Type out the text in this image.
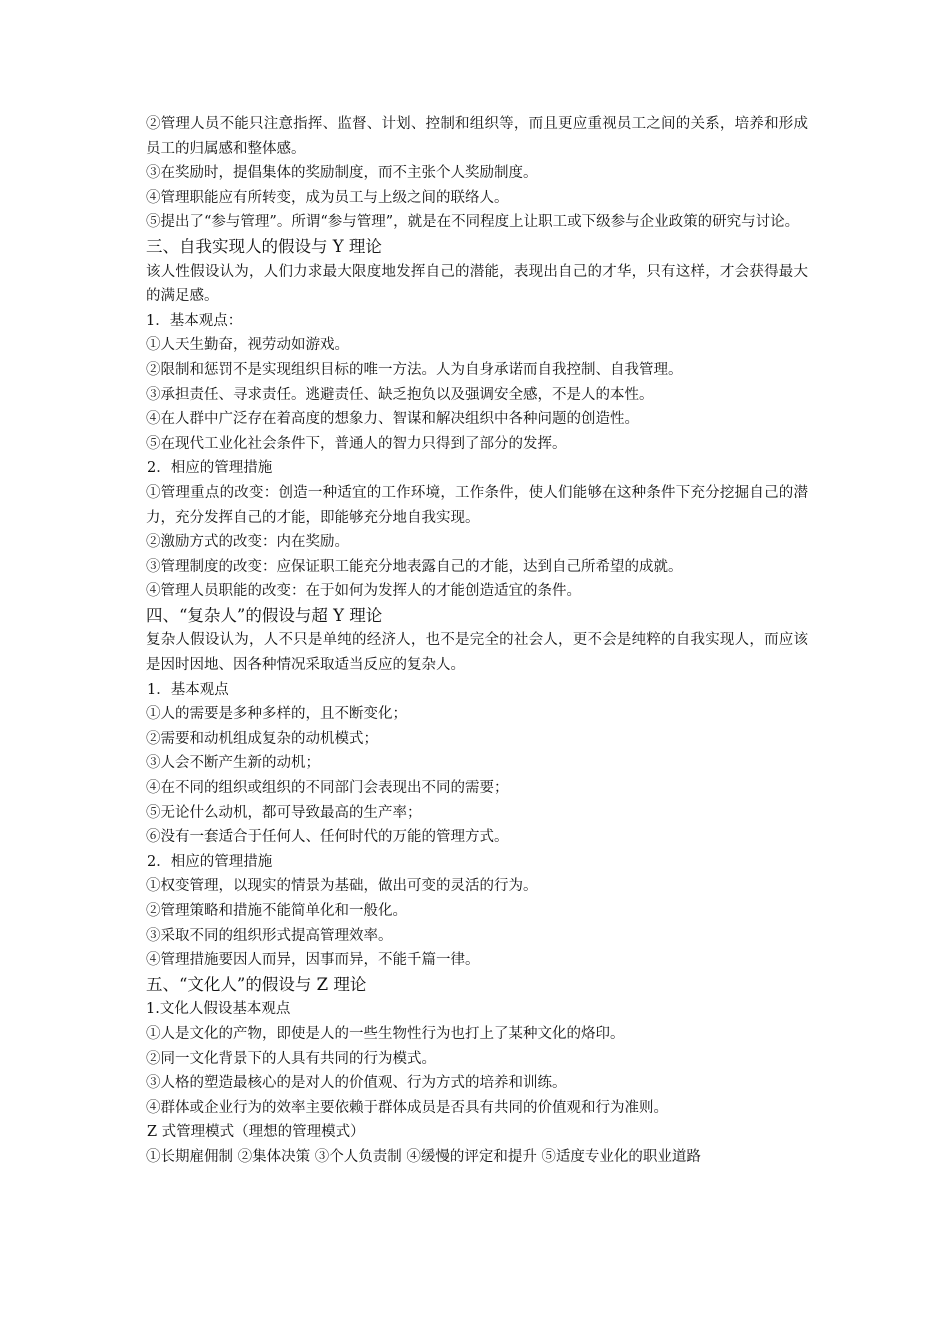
②管理人员不能只注意指挥、监督、计划、控制和组织等，而且更应重视员工之间的关系，培养和形成员工的归属感和整体感。

③在奖励时，提倡集体的奖励制度，而不主张个人奖励制度。

④管理职能应有所转变，成为员工与上级之间的联络人。

⑤提出了“参与管理”。所谓“参与管理”，就是在不同程度上让职工或下级参与企业政策的研究与讨论。

三、自我实现人的假设与 Y 理论

该人性假设认为，人们力求最大限度地发挥自己的潜能，表现出自己的才华，只有这样，才会获得最大的满足感。

1．基本观点：

①人天生勤奋，视劳动如游戏。

②限制和惩罚不是实现组织目标的唯一方法。人为自身承诺而自我控制、自我管理。

③承担责任、寻求责任。逃避责任、缺乏抱负以及强调安全感，不是人的本性。

④在人群中广泛存在着高度的想象力、智谋和解决组织中各种问题的创造性。

⑤在现代工业化社会条件下，普通人的智力只得到了部分的发挥。

2．相应的管理措施

①管理重点的改变：创造一种适宜的工作环境，工作条件，使人们能够在这种条件下充分挖掘自己的潜力，充分发挥自己的才能，即能够充分地自我实现。

②激励方式的改变：内在奖励。

③管理制度的改变：应保证职工能充分地表露自己的才能，达到自己所希望的成就。

④管理人员职能的改变：在于如何为发挥人的才能创造适宜的条件。

四、“复杂人”的假设与超 Y 理论

复杂人假设认为，人不只是单纯的经济人，也不是完全的社会人，更不会是纯粹的自我实现人，而应该是因时因地、因各种情况采取适当反应的复杂人。

1．基本观点

①人的需要是多种多样的，且不断变化；

②需要和动机组成复杂的动机模式；

③人会不断产生新的动机；

④在不同的组织或组织的不同部门会表现出不同的需要；

⑤无论什么动机，都可导致最高的生产率；

⑥没有一套适合于任何人、任何时代的万能的管理方式。

2．相应的管理措施

①权变管理，以现实的情景为基础，做出可变的灵活的行为。

②管理策略和措施不能简单化和一般化。

③采取不同的组织形式提高管理效率。

④管理措施要因人而异，因事而异，不能千篇一律。

五、“文化人”的假设与 Z 理论

1.文化人假设基本观点

①人是文化的产物，即使是人的一些生物性行为也打上了某种文化的烙印。

②同一文化背景下的人具有共同的行为模式。

③人格的塑造最核心的是对人的价值观、行为方式的培养和训练。

④群体或企业行为的效率主要依赖于群体成员是否具有共同的价值观和行为准则。

Z 式管理模式（理想的管理模式）

①长期雇佣制 ②集体决策 ③个人负责制 ④缓慢的评定和提升 ⑤适度专业化的职业道路
